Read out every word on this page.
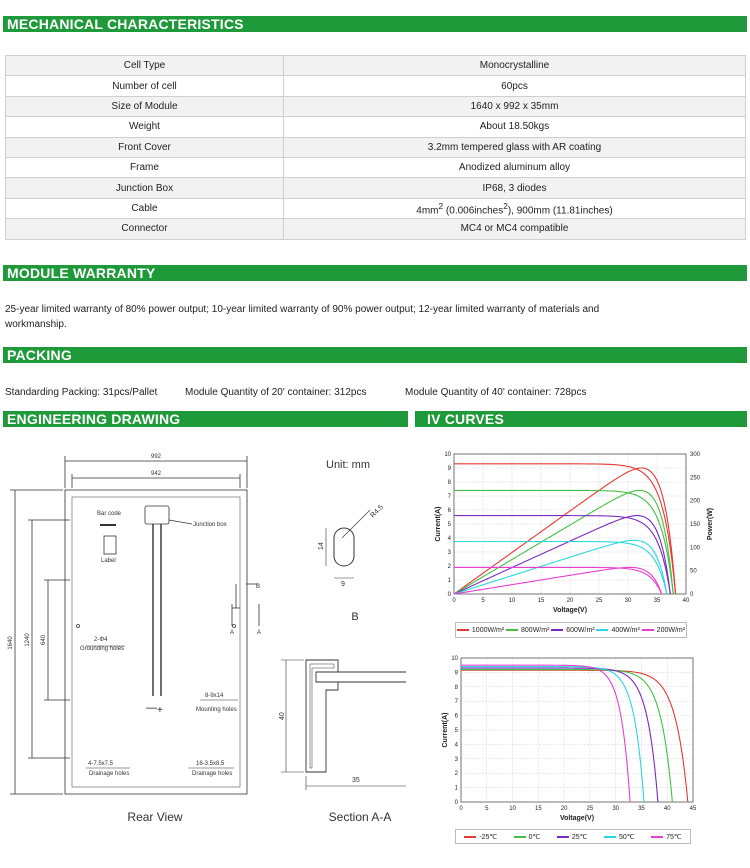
MECHANICAL CHARACTERISTICS
Cell Type	Monocrystalline
Number of cell	60pcs
Size of Module	1640 x 992 x 35mm
Weight	About 18.50kgs
Front Cover	3.2mm tempered glass with AR coating
Frame	Anodized aluminum alloy
Junction Box	IP68, 3 diodes
Cable	$4mm^2$ (0.006inches$^2$), 900mm (11.81inches)
Connector	MC4 or MC4 compatible
MODULE WARRANTY
25-year limited warranty of 80% power output; 10-year limited warranty of 90% power output; 12-year limited warranty of materials and workmanship.
PACKING
Standarding Packing: 31pcs/Pallet	Module Quantity of 20' container: 312pcs	Module Quantity of 40' container: 728pcs
ENGINEERING DRAWING	IV CURVES
992
942
1640 1240 640
Bar code
Label
Junction box
2-Φ4
Grounding holes
8-9x14
Mounting holes
4-7.5x7.5
Drainage holes
16-3.5x8.5
Drainage holes
B
A	A
— +
Rear View
Unit: mm
R4.5
14
9
B
40
35
Section A-A
0	5	10	15	20	25	30	35	40
0
1
2
3
4
5
6
7
8
9
10
Voltage(V)
Current(A)
0
50
100
150
200
250
300
Power(W)
1000W/m² 800W/m² 600W/m² 400W/m² 200W/m²
0	5	10	15	20	25	30	35	40	45
0
1
2
3
4
5
6
7
8
9
10
Voltage(V)
Current(A)
-25℃	0℃	25℃	50℃	75℃
